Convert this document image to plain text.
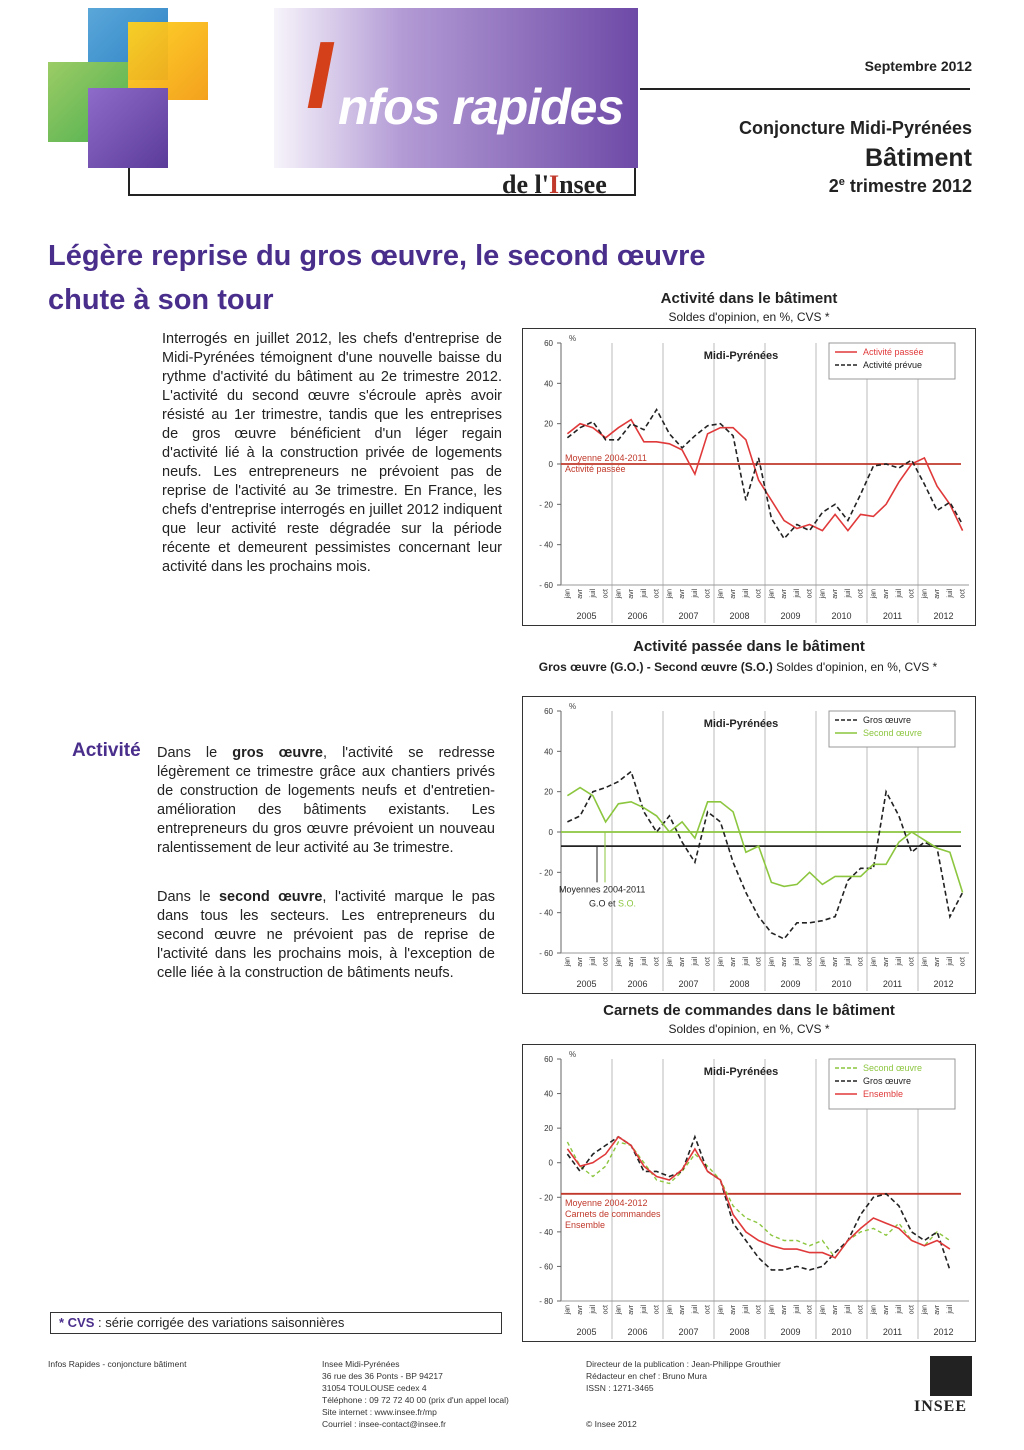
I nfos rapides
de l'Insee
Septembre 2012
Conjoncture Midi-Pyrénées
Bâtiment
2e trimestre 2012
Légère reprise du gros œuvre, le second œuvre chute à son tour
Interrogés en juillet 2012, les chefs d'entreprise de Midi-Pyrénées témoignent d'une nouvelle baisse du rythme d'activité du bâtiment au 2e trimestre 2012. L'activité du second œuvre s'écroule après avoir résisté au 1er trimestre, tandis que les entreprises de gros œuvre bénéficient d'un léger regain d'activité lié à la construction privée de logements neufs. Les entrepreneurs ne prévoient pas de reprise de l'activité au 3e trimestre. En France, les chefs d'entreprise interrogés en juillet 2012 indiquent que leur activité reste dégradée sur la période récente et demeurent pessimistes concernant leur activité dans les prochains mois.
Activité Dans le gros œuvre, l'activité se redresse légèrement ce trimestre grâce aux chantiers privés de construction de logements neufs et d'entretien-amélioration des bâtiments existants. Les entrepreneurs du gros œuvre prévoient un nouveau ralentissement de leur activité au 3e trimestre.
Dans le second œuvre, l'activité marque le pas dans tous les secteurs. Les entrepreneurs du second œuvre ne prévoient pas de reprise de l'activité dans les prochains mois, à l'exception de celle liée à la construction de bâtiments neufs.
Activité dans le bâtiment
Soldes d'opinion, en %, CVS *
%
60
40
20
0
- 20
- 40
- 60
jan avr juil oct jan avr juil oct jan avr juil oct jan avr juil oct jan avr juil oct jan avr juil oct jan avr juil oct jan avr juil oct
2005	2006	2007	2008	2009	2010	2011	2012
Moyenne 2004-2011
Activité passée
Midi-Pyrénées	Activité passée
Activité prévue
Activité passée dans le bâtiment
Gros œuvre (G.O.) - Second œuvre (S.O.) Soldes d'opinion, en %, CVS *
%
60
40
20
0
- 20
- 40
- 60
jan avr juil oct jan avr juil oct jan avr juil oct jan avr juil oct jan avr juil oct jan avr juil oct jan avr juil oct jan avr juil oct
2005	2006	2007	2008	2009	2010	2011	2012
Midi-Pyrénées	Gros œuvre
Second œuvre
Moyennes 2004-2011
G.O et S.O.
Carnets de commandes dans le bâtiment
Soldes d'opinion, en %, CVS *
%
60
40
20
0
- 20
- 40
- 60
- 80
jan avr juil oct jan avr juil oct jan avr juil oct jan avr juil oct jan avr juil oct jan avr juil oct jan avr juil oct jan avr juil
2005	2006	2007	2008	2009	2010	2011	2012
Moyenne 2004-2012
Carnets de commandes
Ensemble
Midi-Pyrénées	Second œuvre
Gros œuvre
Ensemble
* CVS : série corrigée des variations saisonnières
Infos Rapides - conjoncture bâtiment	Insee Midi-Pyrénées
36 rue des 36 Ponts - BP 94217
31054 TOULOUSE cedex 4
Téléphone : 09 72 72 40 00 (prix d'un appel local)
Site internet : www.insee.fr/mp
Courriel : insee-contact@insee.fr
Directeur de la publication : Jean-Philippe Grouthier
Rédacteur en chef : Bruno Mura
ISSN : 1271-3465
© Insee 2012
INSEE
